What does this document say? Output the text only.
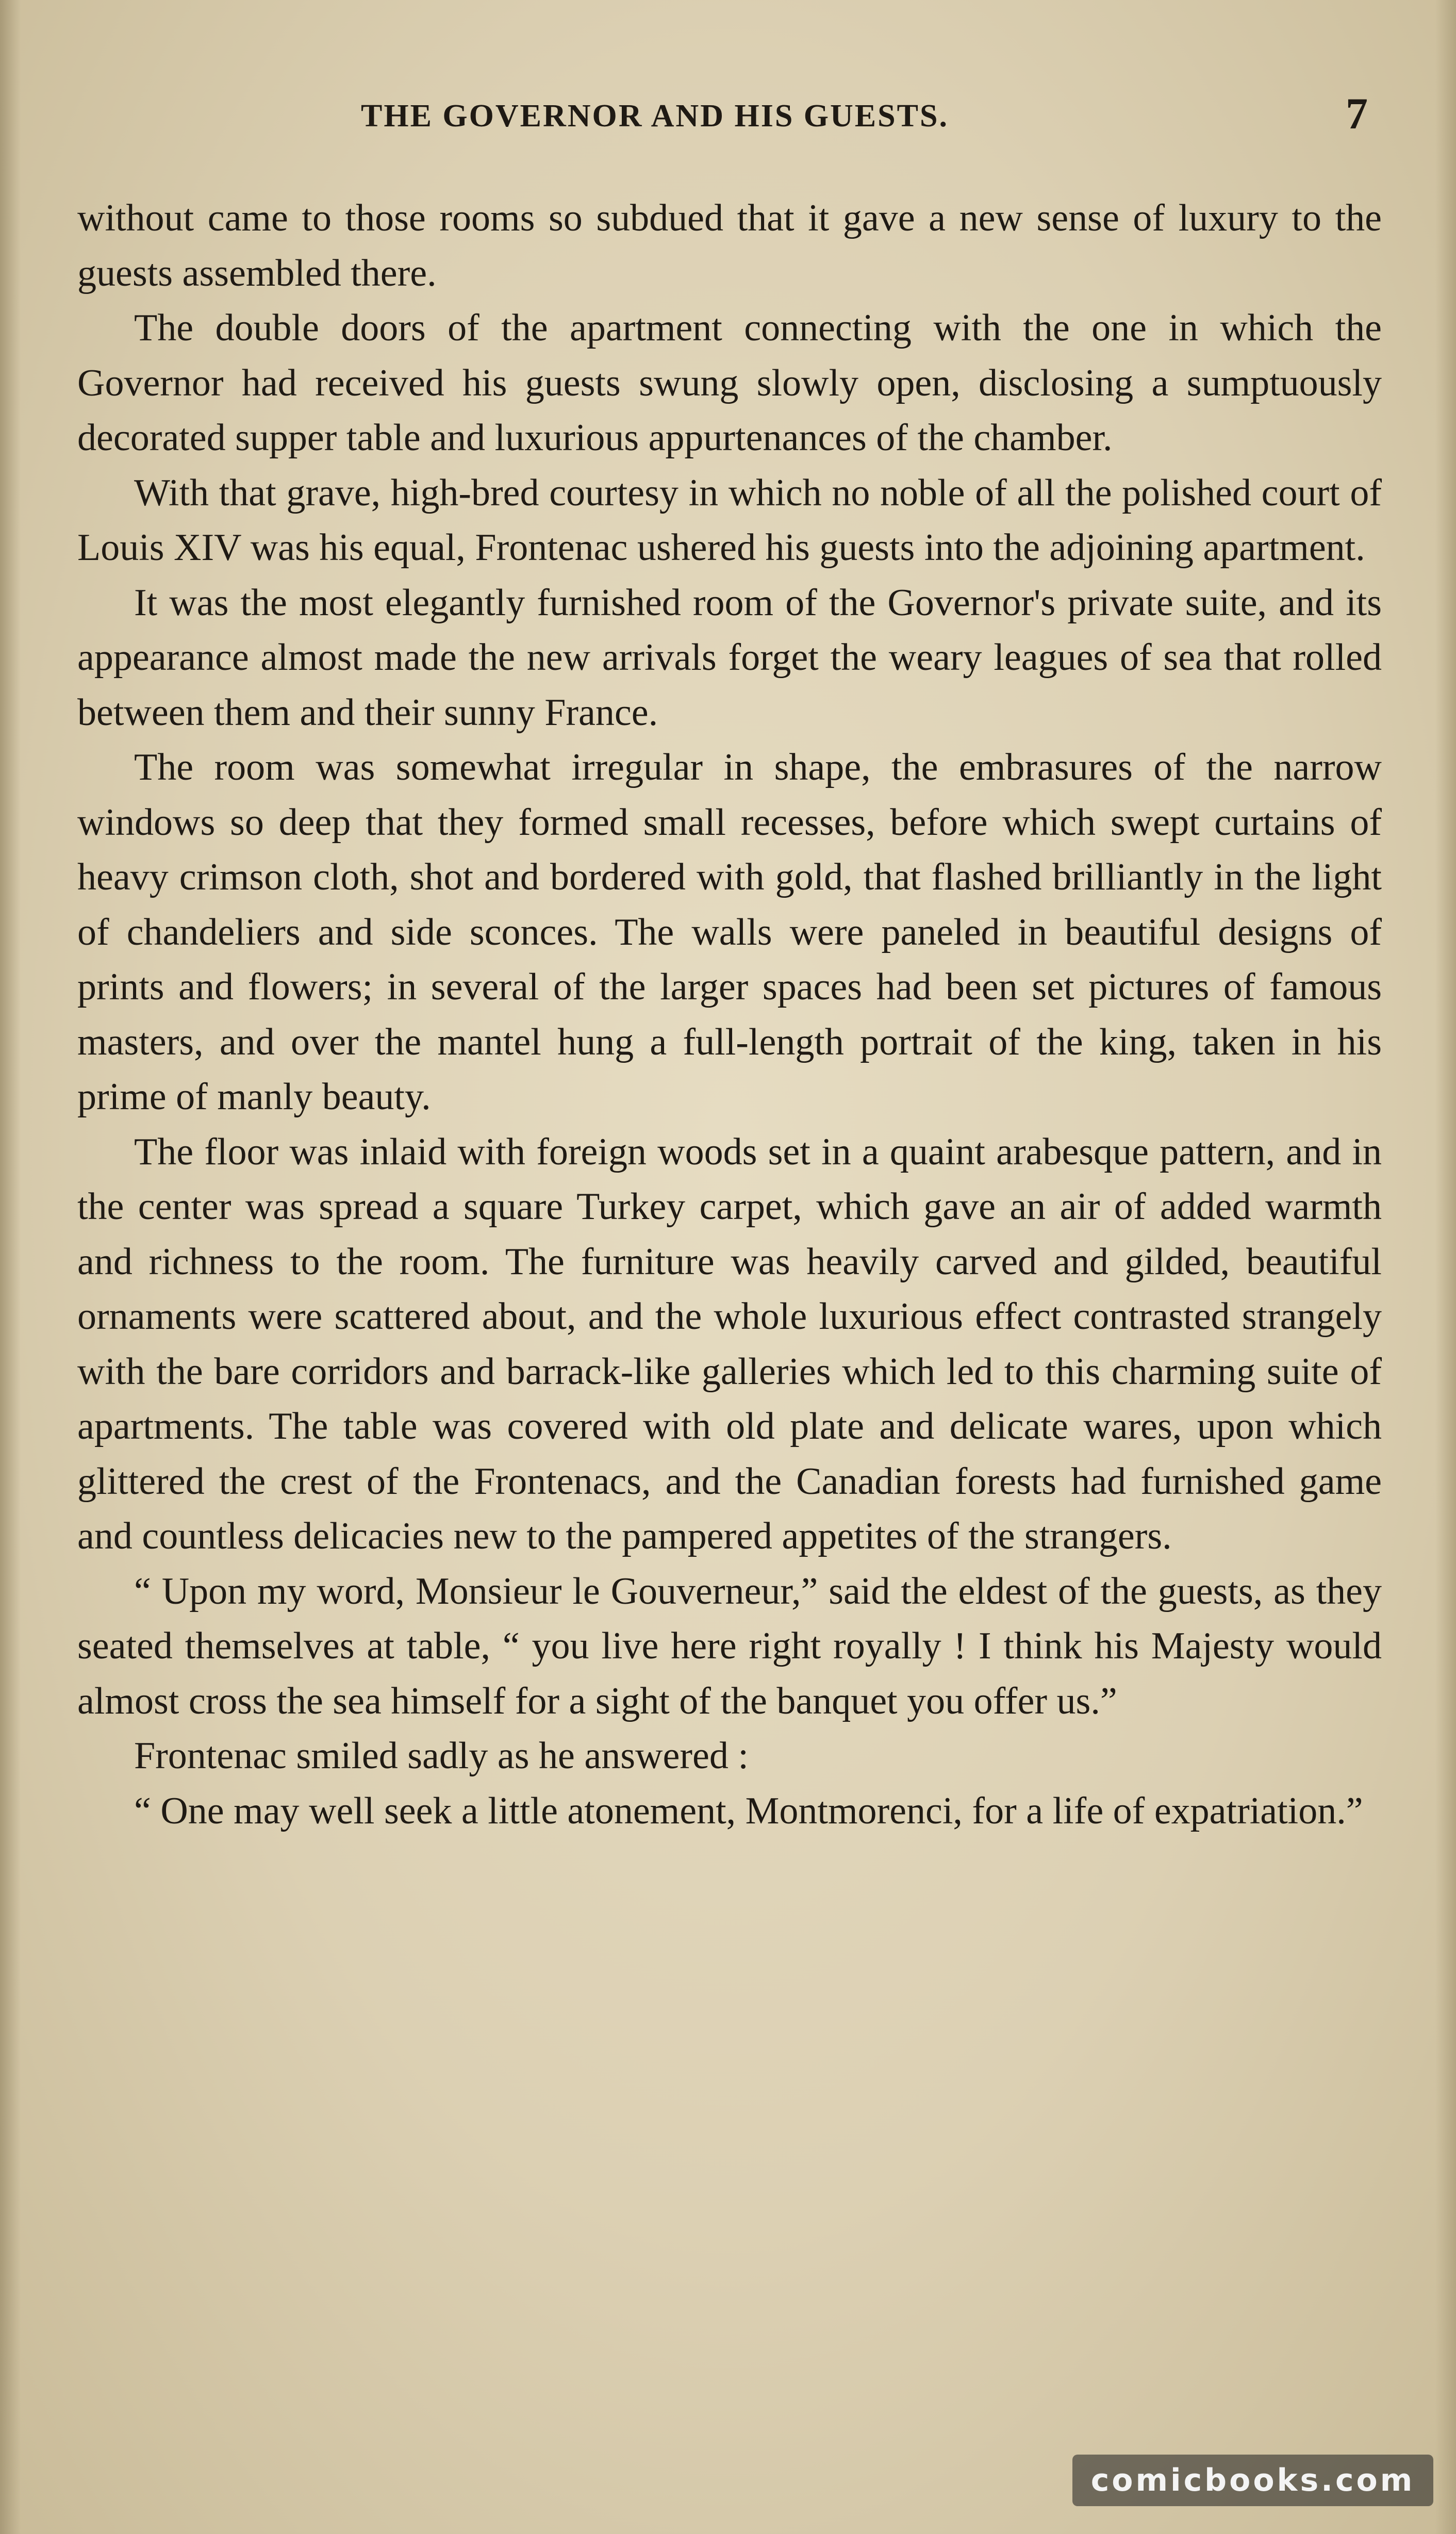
THE GOVERNOR AND HIS GUESTS.	7

without came to those rooms so subdued that it gave a new sense of luxury to the guests assembled there.

The double doors of the apartment connecting with the one in which the Governor had received his guests swung slowly open, disclosing a sumptuously decorated supper table and luxurious appurtenances of the chamber.

With that grave, high-bred courtesy in which no noble of all the polished court of Louis XIV was his equal, Frontenac ushered his guests into the adjoining apartment.

It was the most elegantly furnished room of the Governor's private suite, and its appearance almost made the new arrivals forget the weary leagues of sea that rolled between them and their sunny France.

The room was somewhat irregular in shape, the embrasures of the narrow windows so deep that they formed small recesses, before which swept curtains of heavy crimson cloth, shot and bordered with gold, that flashed brilliantly in the light of chandeliers and side sconces. The walls were paneled in beautiful designs of prints and flowers; in several of the larger spaces had been set pictures of famous masters, and over the mantel hung a full-length portrait of the king, taken in his prime of manly beauty.

The floor was inlaid with foreign woods set in a quaint arabesque pattern, and in the center was spread a square Turkey carpet, which gave an air of added warmth and richness to the room. The furniture was heavily carved and gilded, beautiful ornaments were scattered about, and the whole luxurious effect contrasted strangely with the bare corridors and barrack-like galleries which led to this charming suite of apartments. The table was covered with old plate and delicate wares, upon which glittered the crest of the Frontenacs, and the Canadian forests had furnished game and countless delicacies new to the pampered appetites of the strangers.

“ Upon my word, Monsieur le Gouverneur,” said the eldest of the guests, as they seated themselves at table, “ you live here right royally ! I think his Majesty would almost cross the sea himself for a sight of the banquet you offer us.”

Frontenac smiled sadly as he answered :

“ One may well seek a little atonement, Montmorenci, for a life of expatriation.”

comicbooks.com
